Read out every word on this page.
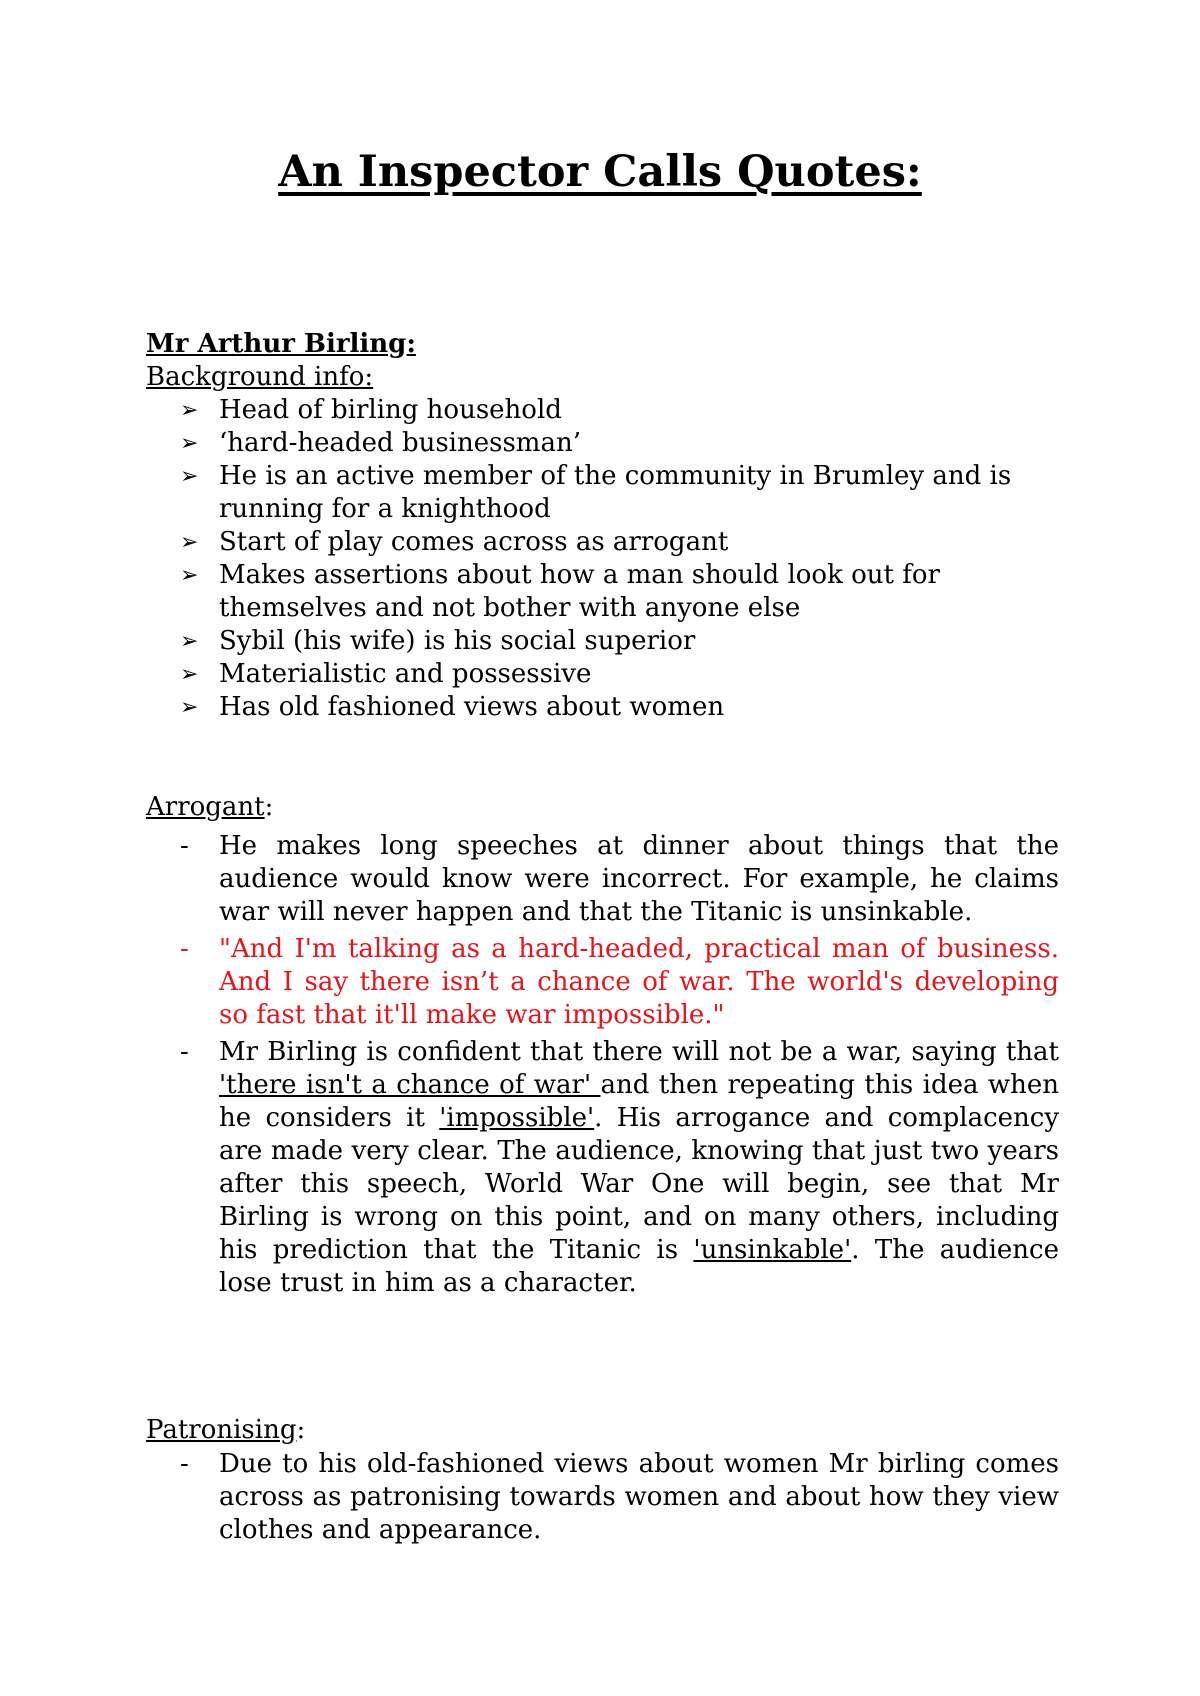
An Inspector Calls Quotes:
Mr Arthur Birling:
Background info:
➢ Head of birling household
➢ ‘hard-headed businessman’
➢ He is an active member of the community in Brumley and is running for a knighthood
➢ Start of play comes across as arrogant
➢ Makes assertions about how a man should look out for themselves and not bother with anyone else
➢ Sybil (his wife) is his social superior
➢ Materialistic and possessive
➢ Has old fashioned views about women
Arrogant:
- He makes long speeches at dinner about things that the audience would know were incorrect. For example, he claims war will never happen and that the Titanic is unsinkable.
- "And I'm talking as a hard-headed, practical man of business. And I say there isn’t a chance of war. The world's developing so fast that it'll make war impossible."
- Mr Birling is confident that there will not be a war, saying that 'there isn't a chance of war' and then repeating this idea when he considers it 'impossible'. His arrogance and complacency are made very clear. The audience, knowing that just two years after this speech, World War One will begin, see that Mr Birling is wrong on this point, and on many others, including his prediction that the Titanic is 'unsinkable'. The audience lose trust in him as a character.
Patronising:
- Due to his old-fashioned views about women Mr birling comes across as patronising towards women and about how they view clothes and appearance.
